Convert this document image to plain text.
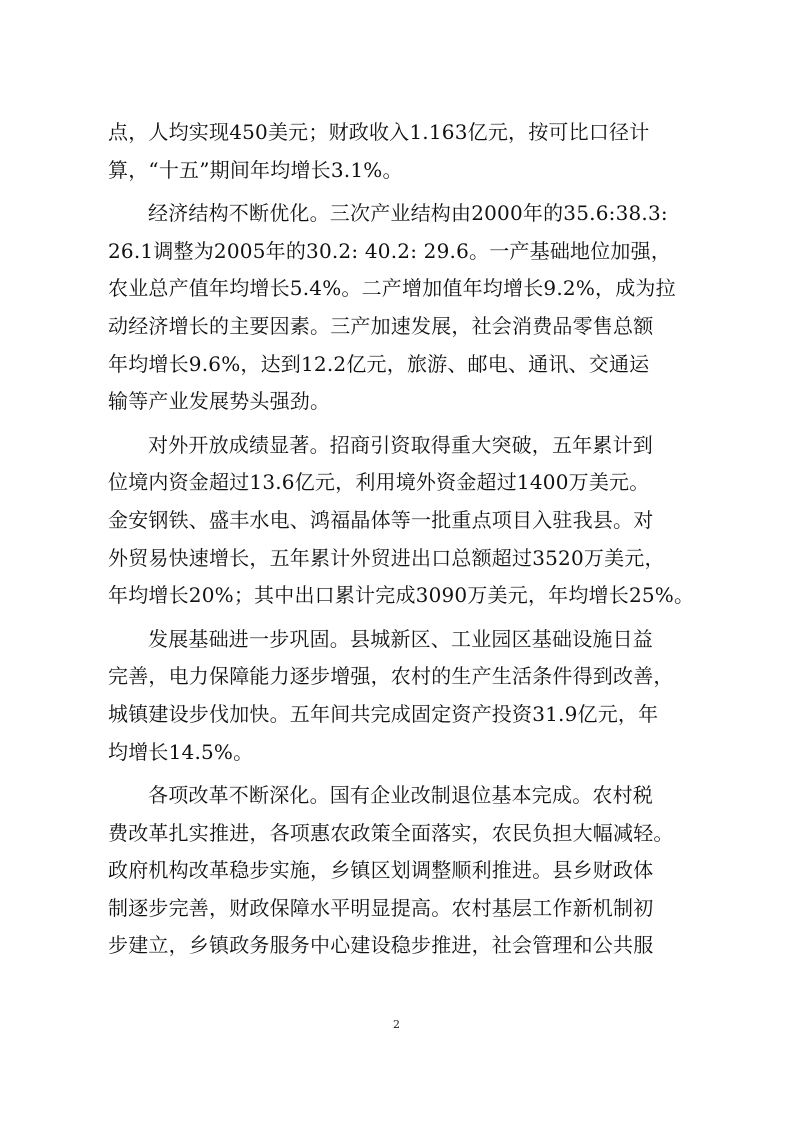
点，人均实现450美元；财政收入1.163亿元，按可比口径计
算，“十五”期间年均增长3.1%。
经济结构不断优化。三次产业结构由2000年的35.6:38.3:
26.1调整为2005年的30.2: 40.2: 29.6。一产基础地位加强，
农业总产值年均增长5.4%。二产增加值年均增长9.2%，成为拉
动经济增长的主要因素。三产加速发展，社会消费品零售总额
年均增长9.6%，达到12.2亿元，旅游、邮电、通讯、交通运
输等产业发展势头强劲。
对外开放成绩显著。招商引资取得重大突破，五年累计到
位境内资金超过13.6亿元，利用境外资金超过1400万美元。
金安钢铁、盛丰水电、鸿福晶体等一批重点项目入驻我县。对
外贸易快速增长，五年累计外贸进出口总额超过3520万美元，
年均增长20%；其中出口累计完成3090万美元，年均增长25%。
发展基础进一步巩固。县城新区、工业园区基础设施日益
完善，电力保障能力逐步增强，农村的生产生活条件得到改善，
城镇建设步伐加快。五年间共完成固定资产投资31.9亿元，年
均增长14.5%。
各项改革不断深化。国有企业改制退位基本完成。农村税
费改革扎实推进，各项惠农政策全面落实，农民负担大幅减轻。
政府机构改革稳步实施，乡镇区划调整顺利推进。县乡财政体
制逐步完善，财政保障水平明显提高。农村基层工作新机制初
步建立，乡镇政务服务中心建设稳步推进，社会管理和公共服
2
